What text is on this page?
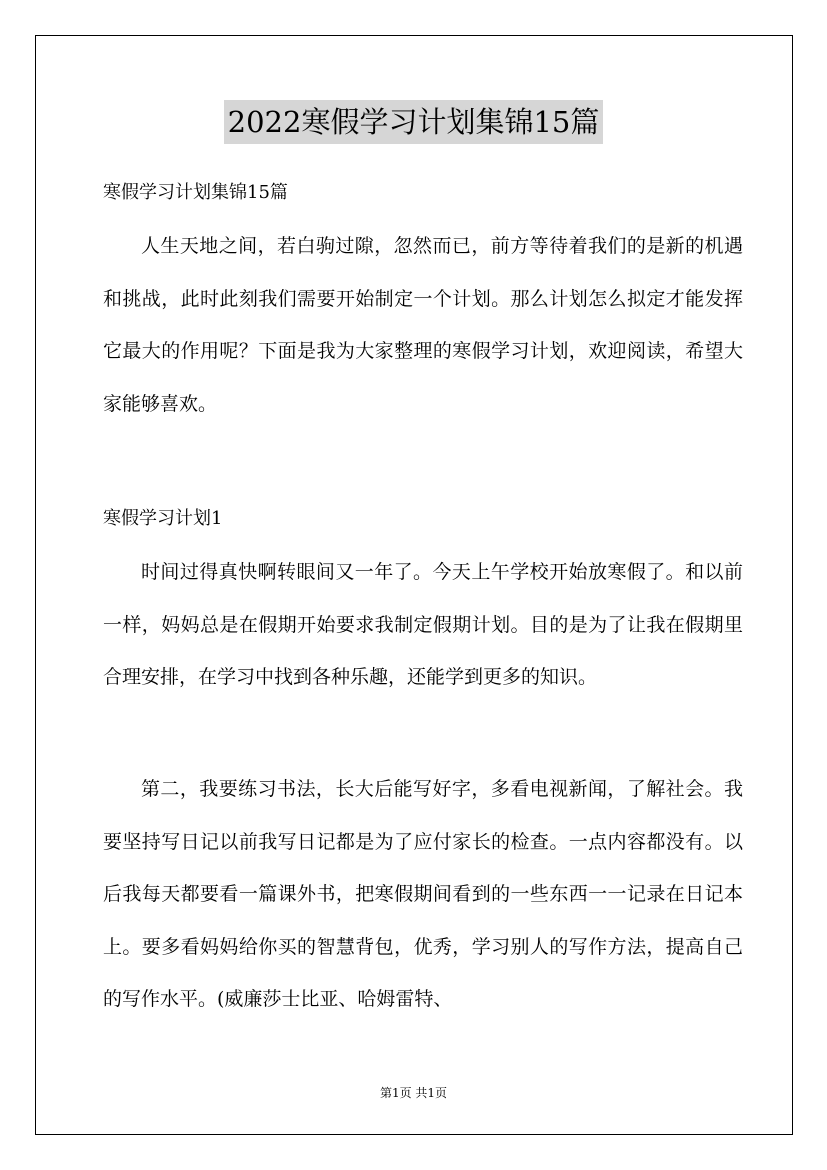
2022寒假学习计划集锦15篇
寒假学习计划集锦15篇

人生天地之间，若白驹过隙，忽然而已，前方等待着我们的是新的机遇和挑战，此时此刻我们需要开始制定一个计划。那么计划怎么拟定才能发挥它最大的作用呢？下面是我为大家整理的寒假学习计划，欢迎阅读，希望大家能够喜欢。

寒假学习计划1

时间过得真快啊转眼间又一年了。今天上午学校开始放寒假了。和以前一样，妈妈总是在假期开始要求我制定假期计划。目的是为了让我在假期里合理安排，在学习中找到各种乐趣，还能学到更多的知识。

第二，我要练习书法，长大后能写好字，多看电视新闻，了解社会。我要坚持写日记以前我写日记都是为了应付家长的检查。一点内容都没有。以后我每天都要看一篇课外书，把寒假期间看到的一些东西一一记录在日记本上。要多看妈妈给你买的智慧背包，优秀，学习别人的写作方法，提高自己的写作水平。(威廉莎士比亚、哈姆雷特、

第1页 共1页
